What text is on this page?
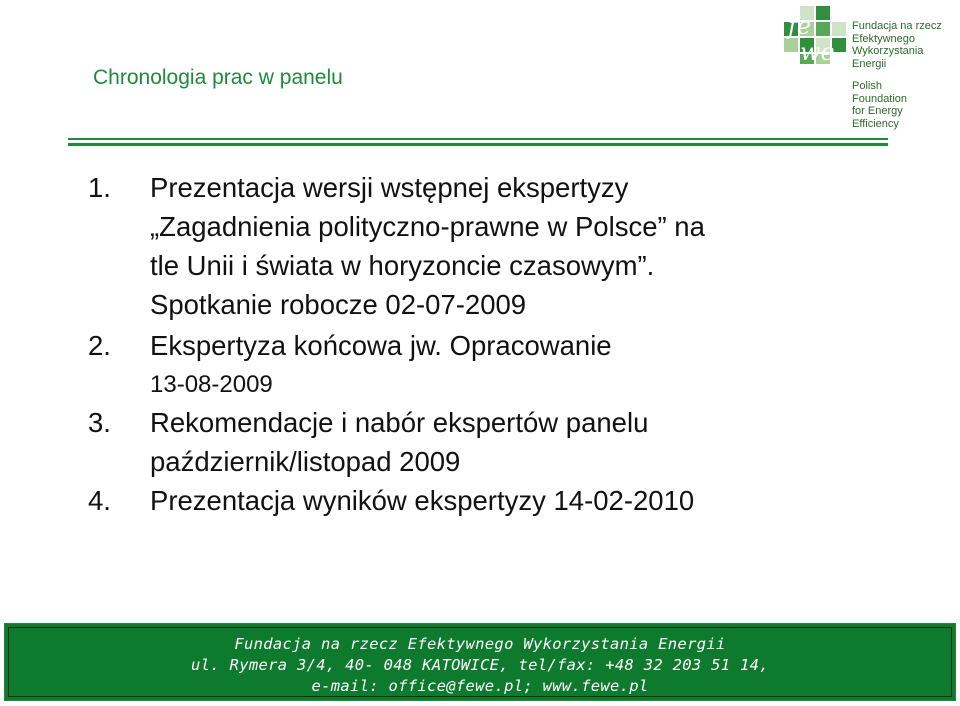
Chronologia prac w panelu
fe
we
Fundacja na rzecz
Efektywnego
Wykorzystania
Energii
Polish
Foundation
for Energy
Efficiency
1. Prezentacja wersji wstępnej ekspertyzy
„Zagadnienia polityczno-prawne w Polsce” na
tle Unii i świata w horyzoncie czasowym”.
Spotkanie robocze 02-07-2009
2. Ekspertyza końcowa jw. Opracowanie
13-08-2009
3. Rekomendacje i nabór ekspertów panelu
październik/listopad 2009
4. Prezentacja wyników ekspertyzy 14-02-2010
Fundacja na rzecz Efektywnego Wykorzystania Energii
ul. Rymera 3/4, 40- 048 KATOWICE, tel/fax: +48 32 203 51 14,
e-mail: office@fewe.pl; www.fewe.pl
